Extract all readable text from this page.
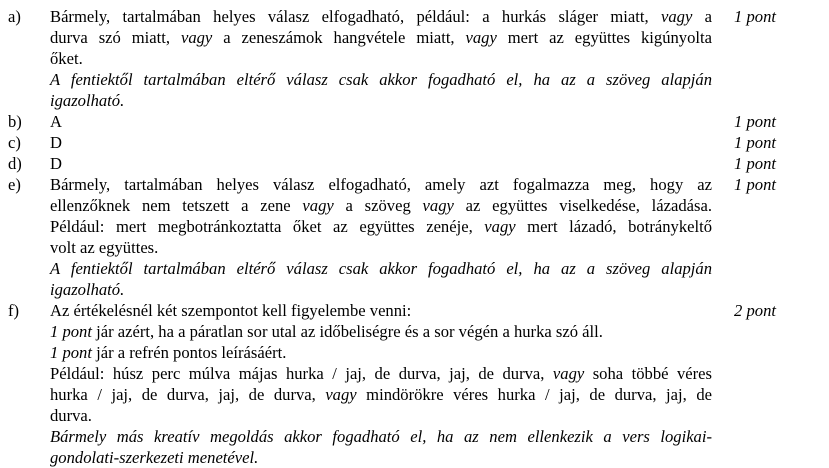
a) Bármely, tartalmában helyes válasz elfogadható, például: a hurkás sláger miatt, vagy a	1 pont
durva szó miatt, vagy a zeneszámok hangvétele miatt, vagy mert az együttes kigúnyolta
őket.
A fentiektől tartalmában eltérő válasz csak akkor fogadható el, ha az a szöveg alapján
igazolható.
b) A	1 pont
c) D	1 pont
d) D	1 pont
e) Bármely, tartalmában helyes válasz elfogadható, amely azt fogalmazza meg, hogy az	1 pont
ellenzőknek nem tetszett a zene vagy a szöveg vagy az együttes viselkedése, lázadása.
Például: mert megbotránkoztatta őket az együttes zenéje, vagy mert lázadó, botránykeltő
volt az együttes.
A fentiektől tartalmában eltérő válasz csak akkor fogadható el, ha az a szöveg alapján
igazolható.
f) Az értékelésnél két szempontot kell figyelembe venni:	2 pont
1 pont jár azért, ha a páratlan sor utal az időbeliségre és a sor végén a hurka szó áll.
1 pont jár a refrén pontos leírásáért.
Például: húsz perc múlva májas hurka / jaj, de durva, jaj, de durva, vagy soha többé véres
hurka / jaj, de durva, jaj, de durva, vagy mindörökre véres hurka / jaj, de durva, jaj, de
durva.
Bármely más kreatív megoldás akkor fogadható el, ha az nem ellenkezik a vers logikai-
gondolati-szerkezeti menetével.
